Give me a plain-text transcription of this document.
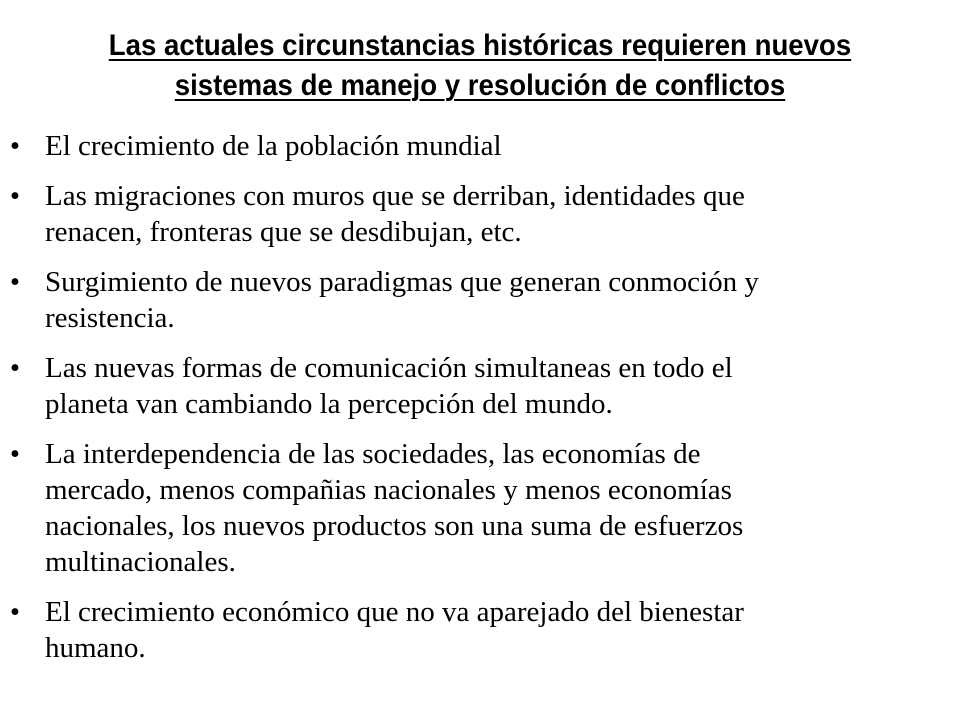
Las actuales circunstancias históricas requieren nuevos
sistemas de manejo y resolución de conflictos
• El crecimiento de la población mundial
• Las migraciones con muros que se derriban, identidades que
renacen, fronteras que se desdibujan, etc.
• Surgimiento de nuevos paradigmas que generan conmoción y
resistencia.
• Las nuevas formas de comunicación simultaneas en todo el
planeta van cambiando la percepción del mundo.
• La interdependencia de las sociedades, las economías de
mercado, menos compañias nacionales y menos economías
nacionales, los nuevos productos son una suma de esfuerzos
multinacionales.
• El crecimiento económico que no va aparejado del bienestar
humano.
